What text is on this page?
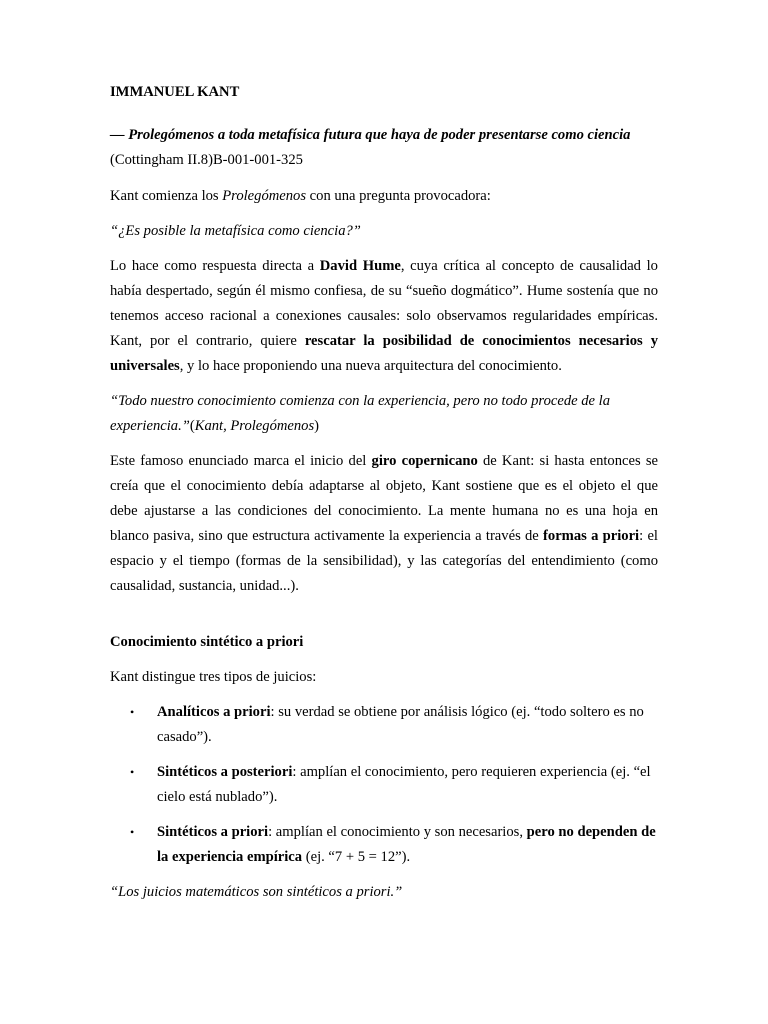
IMMANUEL KANT

— Prolegómenos a toda metafísica futura que haya de poder presentarse como ciencia (Cottingham II.8)B-001-001-325

Kant comienza los Prolegómenos con una pregunta provocadora:

“¿Es posible la metafísica como ciencia?”

Lo hace como respuesta directa a David Hume, cuya crítica al concepto de causalidad lo había despertado, según él mismo confiesa, de su “sueño dogmático”. Hume sostenía que no tenemos acceso racional a conexiones causales: solo observamos regularidades empíricas. Kant, por el contrario, quiere rescatar la posibilidad de conocimientos necesarios y universales, y lo hace proponiendo una nueva arquitectura del conocimiento.

“Todo nuestro conocimiento comienza con la experiencia, pero no todo procede de la experiencia.”(Kant, Prolegómenos)

Este famoso enunciado marca el inicio del giro copernicano de Kant: si hasta entonces se creía que el conocimiento debía adaptarse al objeto, Kant sostiene que es el objeto el que debe ajustarse a las condiciones del conocimiento. La mente humana no es una hoja en blanco pasiva, sino que estructura activamente la experiencia a través de formas a priori: el espacio y el tiempo (formas de la sensibilidad), y las categorías del entendimiento (como causalidad, sustancia, unidad...).

Conocimiento sintético a priori

Kant distingue tres tipos de juicios:

• Analíticos a priori: su verdad se obtiene por análisis lógico (ej. “todo soltero es no casado”).
• Sintéticos a posteriori: amplían el conocimiento, pero requieren experiencia (ej. “el cielo está nublado”).
• Sintéticos a priori: amplían el conocimiento y son necesarios, pero no dependen de la experiencia empírica (ej. “7 + 5 = 12”).

“Los juicios matemáticos son sintéticos a priori.”
